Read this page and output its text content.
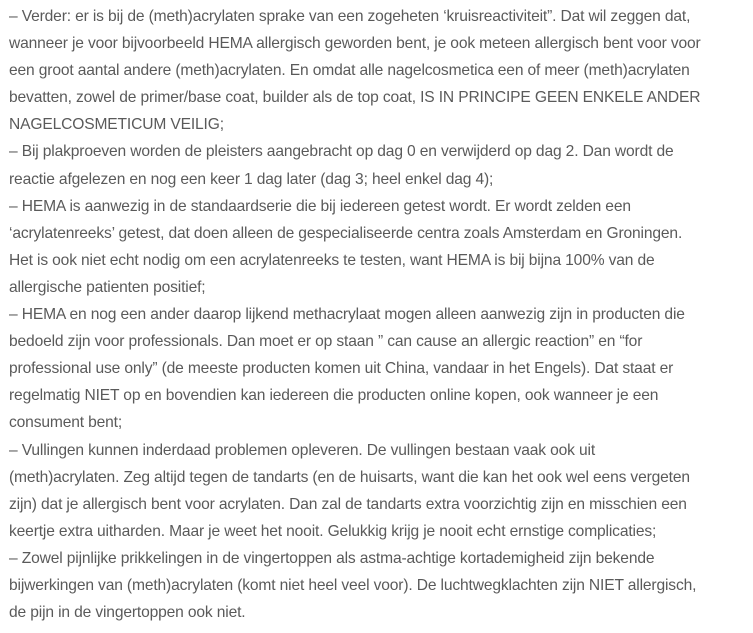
– Verder: er is bij de (meth)acrylaten sprake van een zogeheten ‘kruisreactiviteit”. Dat wil zeggen dat,
wanneer je voor bijvoorbeeld HEMA allergisch geworden bent, je ook meteen allergisch bent voor voor
een groot aantal andere (meth)acrylaten. En omdat alle nagelcosmetica een of meer (meth)acrylaten
bevatten, zowel de primer/base coat, builder als de top coat, IS IN PRINCIPE GEEN ENKELE ANDER
NAGELCOSMETICUM VEILIG;
– Bij plakproeven worden de pleisters aangebracht op dag 0 en verwijderd op dag 2. Dan wordt de
reactie afgelezen en nog een keer 1 dag later (dag 3; heel enkel dag 4);
– HEMA is aanwezig in de standaardserie die bij iedereen getest wordt. Er wordt zelden een
‘acrylatenreeks’ getest, dat doen alleen de gespecialiseerde centra zoals Amsterdam en Groningen.
Het is ook niet echt nodig om een acrylatenreeks te testen, want HEMA is bij bijna 100% van de
allergische patienten positief;
– HEMA en nog een ander daarop lijkend methacrylaat mogen alleen aanwezig zijn in producten die
bedoeld zijn voor professionals. Dan moet er op staan ” can cause an allergic reaction” en “for
professional use only” (de meeste producten komen uit China, vandaar in het Engels). Dat staat er
regelmatig NIET op en bovendien kan iedereen die producten online kopen, ook wanneer je een
consument bent;
– Vullingen kunnen inderdaad problemen opleveren. De vullingen bestaan vaak ook uit
(meth)acrylaten. Zeg altijd tegen de tandarts (en de huisarts, want die kan het ook wel eens vergeten
zijn) dat je allergisch bent voor acrylaten. Dan zal de tandarts extra voorzichtig zijn en misschien een
keertje extra uitharden. Maar je weet het nooit. Gelukkig krijg je nooit echt ernstige complicaties;
– Zowel pijnlijke prikkelingen in de vingertoppen als astma-achtige kortademigheid zijn bekende
bijwerkingen van (meth)acrylaten (komt niet heel veel voor). De luchtwegklachten zijn NIET allergisch,
de pijn in de vingertoppen ook niet.
